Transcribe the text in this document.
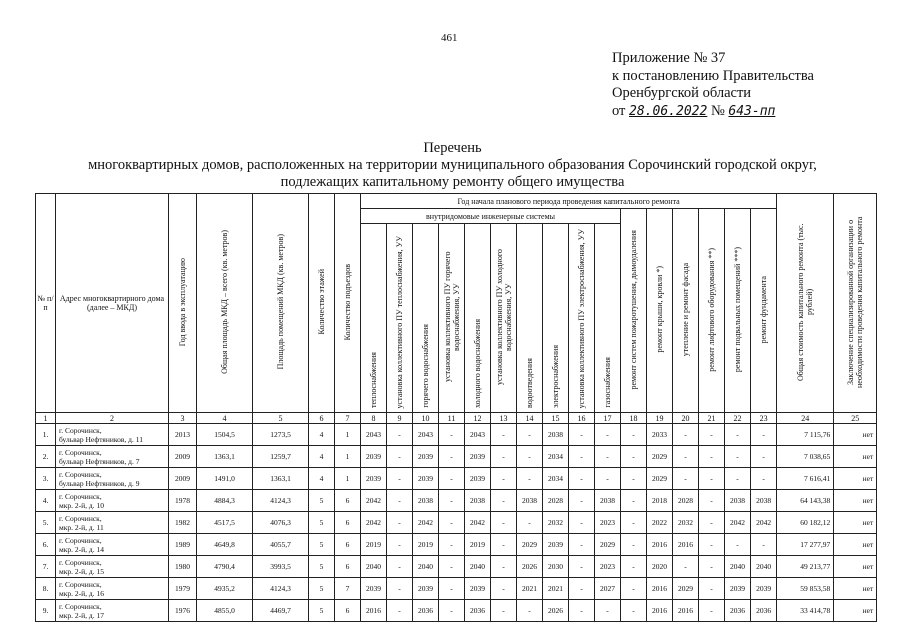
461
Приложение № 37
к постановлению Правительства
Оренбургской области
от 28.06.2022 № 643-пп
Перечень
многоквартирных домов, расположенных на территории муниципального образования Сорочинский городской округ,
подлежащих капитальному ремонту общего имущества
№ п/п	Адрес многоквартирного дома (далее – МКД)	Год ввода в эксплуатацию	Общая площадь МКД – всего (кв. метров)	Площадь помещений МКД (кв. метров)	Количество этажей	Количество подъездов	Год начала планового периода проведения капитального ремонта																Общая стоимость капитального ремонта (тыс. рублей)	Заключение специализированной организации о необходимости проведения капитального ремонта
							внутридомовые инженерные системы										ремонт систем пожаротушения, дымоудаления	ремонт крыши, кровли *)	утепление и ремонт фасада	ремонт лифтового оборудования **)	ремонт подвальных помещений ***)	ремонт фундамента		
							теплоснабжения	установка коллективного ПУ теплоснабжения, УУ	горячего водоснабжения	установка коллективного ПУ горячего водоснабжения, УУ	холодного водоснабжения	установка коллективного ПУ холодного водоснабжения, УУ	водоотведения	электроснабжения	установка коллективного ПУ электроснабжения, УУ	газоснабжения								
1	2	3	4	5	6	7	8	9	10	11	12	13	14	15	16	17	18	19	20	21	22	23	24	25
1.	г. Сорочинск,
бульвар Нефтяников, д. 11	2013	1504,5	1273,5	4	1	2043	-	2043	-	2043	-	-	2038	-	-	-	2033	-	-	-	-	7 115,76	нет
2.	г. Сорочинск,
бульвар Нефтяников, д. 7	2009	1363,1	1259,7	4	1	2039	-	2039	-	2039	-	-	2034	-	-	-	2029	-	-	-	-	7 038,65	нет
3.	г. Сорочинск,
бульвар Нефтяников, д. 9	2009	1491,0	1363,1	4	1	2039	-	2039	-	2039	-	-	2034	-	-	-	2029	-	-	-	-	7 616,41	нет
4.	г. Сорочинск,
мкр. 2-й, д. 10	1978	4884,3	4124,3	5	6	2042	-	2038	-	2038	-	2038	2028	-	2038	-	2018	2028	-	2038	2038	64 143,38	нет
5.	г. Сорочинск,
мкр. 2-й, д. 11	1982	4517,5	4076,3	5	6	2042	-	2042	-	2042	-	-	2032	-	2023	-	2022	2032	-	2042	2042	60 182,12	нет
6.	г. Сорочинск,
мкр. 2-й, д. 14	1989	4649,8	4055,7	5	6	2019	-	2019	-	2019	-	2029	2039	-	2029	-	2016	2016	-	-	-	17 277,97	нет
7.	г. Сорочинск,
мкр. 2-й, д. 15	1980	4790,4	3993,5	5	6	2040	-	2040	-	2040	-	2026	2030	-	2023	-	2020	-	-	2040	2040	49 213,77	нет
8.	г. Сорочинск,
мкр. 2-й, д. 16	1979	4935,2	4124,3	5	7	2039	-	2039	-	2039	-	2021	2021	-	2027	-	2016	2029	-	2039	2039	59 853,58	нет
9.	г. Сорочинск,
мкр. 2-й, д. 17	1976	4855,0	4469,7	5	6	2016	-	2036	-	2036	-	-	2026	-	-	-	2016	2016	-	2036	2036	33 414,78	нет
